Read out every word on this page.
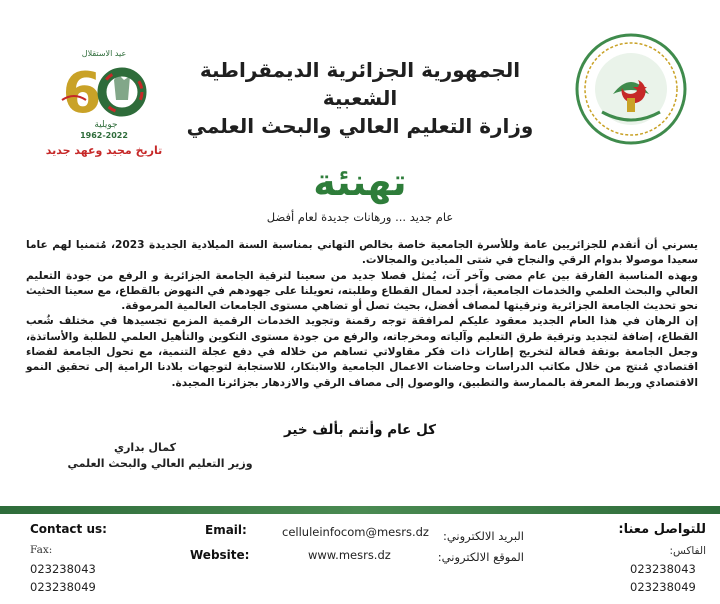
عيد الاستقلال
6
جويلية
1962-2022
تاريخ مجيد وعهد جديد
الجمهورية الجزائرية الديمقراطية الشعبية
وزارة التعليم العالي والبحث العلمي
تهنئة
عام جديد ... ورهانات جديدة لعام أفضل

يسرني أن أتقدم للجزائريين عامة وللأسرة الجامعية خاصة بخالص التهاني بمناسبة السنة الميلادية الجديدة 2023، مُتمنيا لهم عاما سعيدا موصولا بدوام الرقي والنجاح في شتى الميادين والمجالات.

وبهذه المناسبة الفارقة بين عام مضى وآخر آت، يُمثل فصلا جديد من سعينا لترقية الجامعة الجزائرية و الرفع من جودة التعليم العالي والبحث العلمي والخدمات الجامعية، أجدد لعمال القطاع وطلبته، تعويلنا على جهودهم في النهوض بالقطاع، مع سعينا الحثيث نحو تحديث الجامعة الجزائرية وترقيتها لمصاف أفضل، بحيث تصل أو تضاهي مستوى الجامعات العالمية المرموقة.

إن الرهان في هذا العام الجديد معقود عليكم لمرافقة توجه رقمنة وتجويد الخدمات الرقمية المزمع تجسيدها في مختلف شُعب القطاع، إضافة لتجديد وترقية طرق التعليم وآلياته ومخرجاته، والرفع من جودة مستوى التكوين والتأهيل العلمي للطلبة والأساتذة، وجعل الجامعة بوتقة فعالة لتخريج إطارات ذات فكر مقاولاتي تساهم من خلاله في دفع عجلة التنمية، مع تحول الجامعة لفضاء اقتصادي مُنتج من خلال مكاتب الدراسات وحاضنات الاعمال الجامعية والابتكار، للاستجابة لتوجهات بلادنا الرامية إلى تحقيق النمو الاقتصادي وربط المعرفة بالممارسة والتطبيق، والوصول إلى مصاف الرقي والازدهار بجزائرنا المجيدة.

كل عام وأنتم بألف خير
كمال بداري
وزير التعليم العالي والبحث العلمي
Contact us:
Fax:
023238043
023238049
Email:	celluleinfocom@mesrs.dz	البريد الالكتروني:
Website:	www.mesrs.dz	الموقع الالكتروني:
للتواصل معنا:
الفاكس:
023238043
023238049
